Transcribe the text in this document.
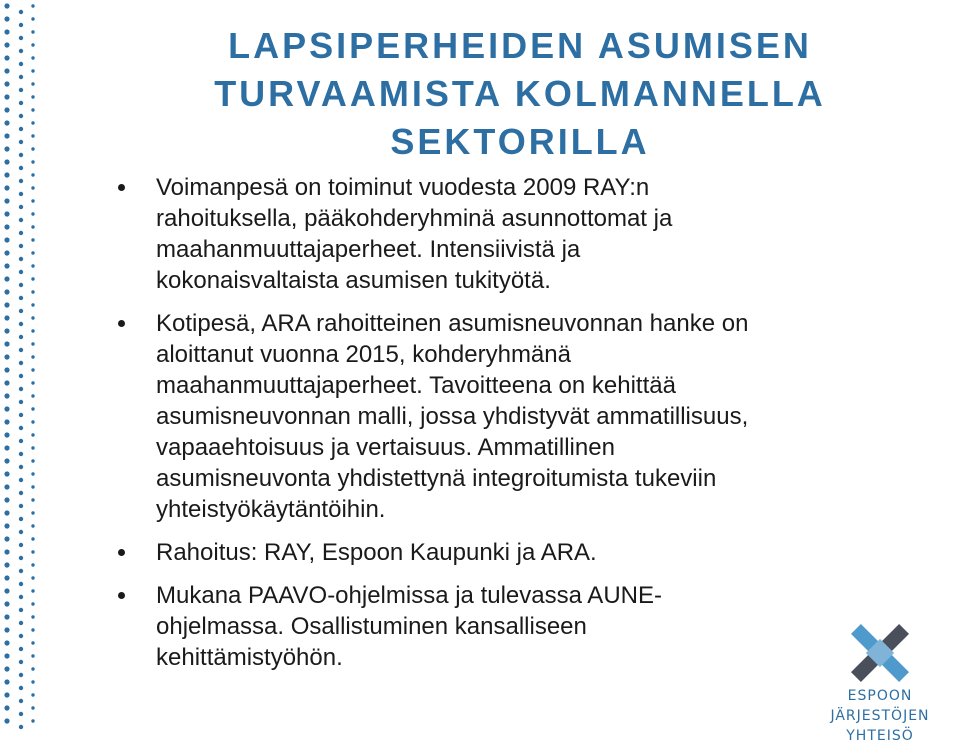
LAPSIPERHEIDEN ASUMISEN
TURVAAMISTA KOLMANNELLA
SEKTORILLA
Voimanpesä on toiminut vuodesta 2009 RAY:n
rahoituksella, pääkohderyhminä asunnottomat ja
maahanmuuttajaperheet. Intensiivistä ja
kokonaisvaltaista asumisen tukityötä.
Kotipesä, ARA rahoitteinen asumisneuvonnan hanke on
aloittanut vuonna 2015, kohderyhmänä
maahanmuuttajaperheet. Tavoitteena on kehittää
asumisneuvonnan malli, jossa yhdistyvät ammatillisuus,
vapaaehtoisuus ja vertaisuus. Ammatillinen
asumisneuvonta yhdistettynä integroitumista tukeviin
yhteistyökäytäntöihin.
Rahoitus: RAY, Espoon Kaupunki ja ARA.
Mukana PAAVO-ohjelmissa ja tulevassa AUNE-
ohjelmassa. Osallistuminen kansalliseen
kehittämistyöhön.
ESPOON
JÄRJESTÖJEN YHTEISÖ
